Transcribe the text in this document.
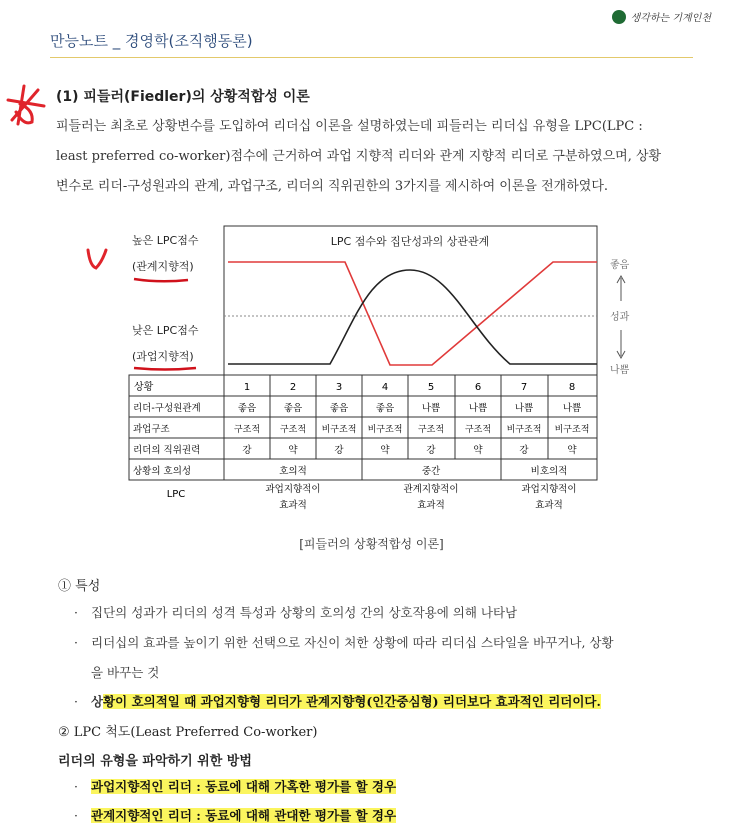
생각하는 기계인천
만능노트 _ 경영학(조직행동론)
(1) 피들러(Fiedler)의 상황적합성 이론
피들러는 최초로 상황변수를 도입하여 리더십 이론을 설명하였는데 피들러는 리더십 유형을 LPC(LPC :
least preferred co-worker)점수에 근거하여 과업 지향적 리더와 관계 지향적 리더로 구분하였으며, 상황
변수로 리더-구성원과의 관계, 과업구조, 리더의 직위권한의 3가지를 제시하여 이론을 전개하였다.
높은 LPC점수
(관계지향적)
낮은 LPC점수
(과업지향적)
LPC 점수와 집단성과의 상관관계
좋음
성과
나쁨
상황	1	2	3	4	5	6	7	8
리더-구성원관계	좋음	좋음	좋음	좋음	나쁨	나쁨	나쁨	나쁨
과업구조	구조적 구조적 비구조적 비구조적 구조적 구조적 비구조적 비구조적
리더의 직위권력	강	약	강	약	강	약	강	약
상황의 호의성	호의적	중간	비호의적
LPC	과업지향적이
효과적
관계지향적이
효과적
과업지향적이
효과적
[피들러의 상황적합성 이론]
① 특성
· 집단의 성과가 리더의 성격 특성과 상황의 호의성 간의 상호작용에 의해 나타남
· 리더십의 효과를 높이기 위한 선택으로 자신이 처한 상황에 따라 리더십 스타일을 바꾸거나, 상황
을 바꾸는 것
· 상황이 호의적일 때 과업지향형 리더가 관계지향형(인간중심형) 리더보다 효과적인 리더이다.
② LPC 척도(Least Preferred Co-worker)
리더의 유형을 파악하기 위한 방법
· 과업지향적인 리더 : 동료에 대해 가혹한 평가를 할 경우
· 관계지향적인 리더 : 동료에 대해 관대한 평가를 할 경우
